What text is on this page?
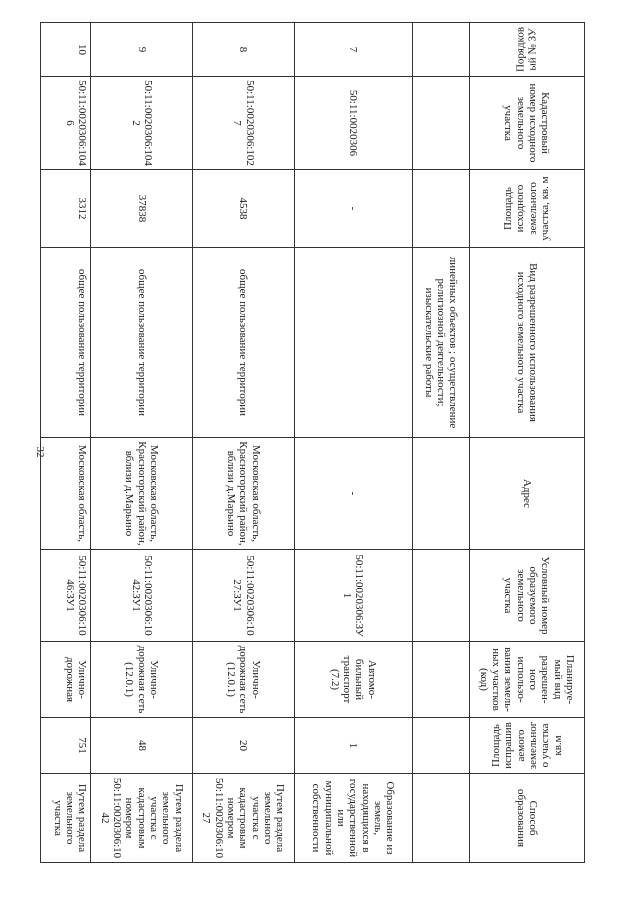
32
Порядковый № ЗУ	Кадастровый номер исходного земельного участка	Площадь исходного земельного участка, кв. м	Вид разрешенного использования исходного земельного участка	Адрес	Условный номер образуемого земельного участка	Планируе-мый вид разрешен-ного использо-вания земель-ных участков (код)	Площадь испрашиваемого земельного участка кв.м	Способ образования

			линейных объектов ; осуществление религиозной деятельности; изыскательские работы					
7	50:11:0020306	-		-	50:11:0020306:ЗУ1	Автомо-бильный транспорт (7.2)	1	Образование из земель, находящихся в государственной или муниципальной собственности
8	50:11:0020306:1027	4538	общее пользование территории	Московская область, Красногорский район, вблизи д.Марьино	50:11:0020306:1027:ЗУ1	Улично-дорожная сеть (12.0.1)	20	Путем раздела земельного участка с кадастровым номером 50:11:0020306:1027
9	50:11:0020306:1042	37838	общее пользование территории	Московская область, Красногорский район, вблизи д.Марьино	50:11:0020306:1042:ЗУ1	Улично-дорожная сеть (12.0.1)	48	Путем раздела земельного участка с кадастровым номером 50:11:0020306:1042
10	50:11:0020306:1046	3312	общее пользование территории	Московская область,	50:11:0020306:1046:ЗУ1	Улично-дорожная	751	Путем раздела земельного участка
